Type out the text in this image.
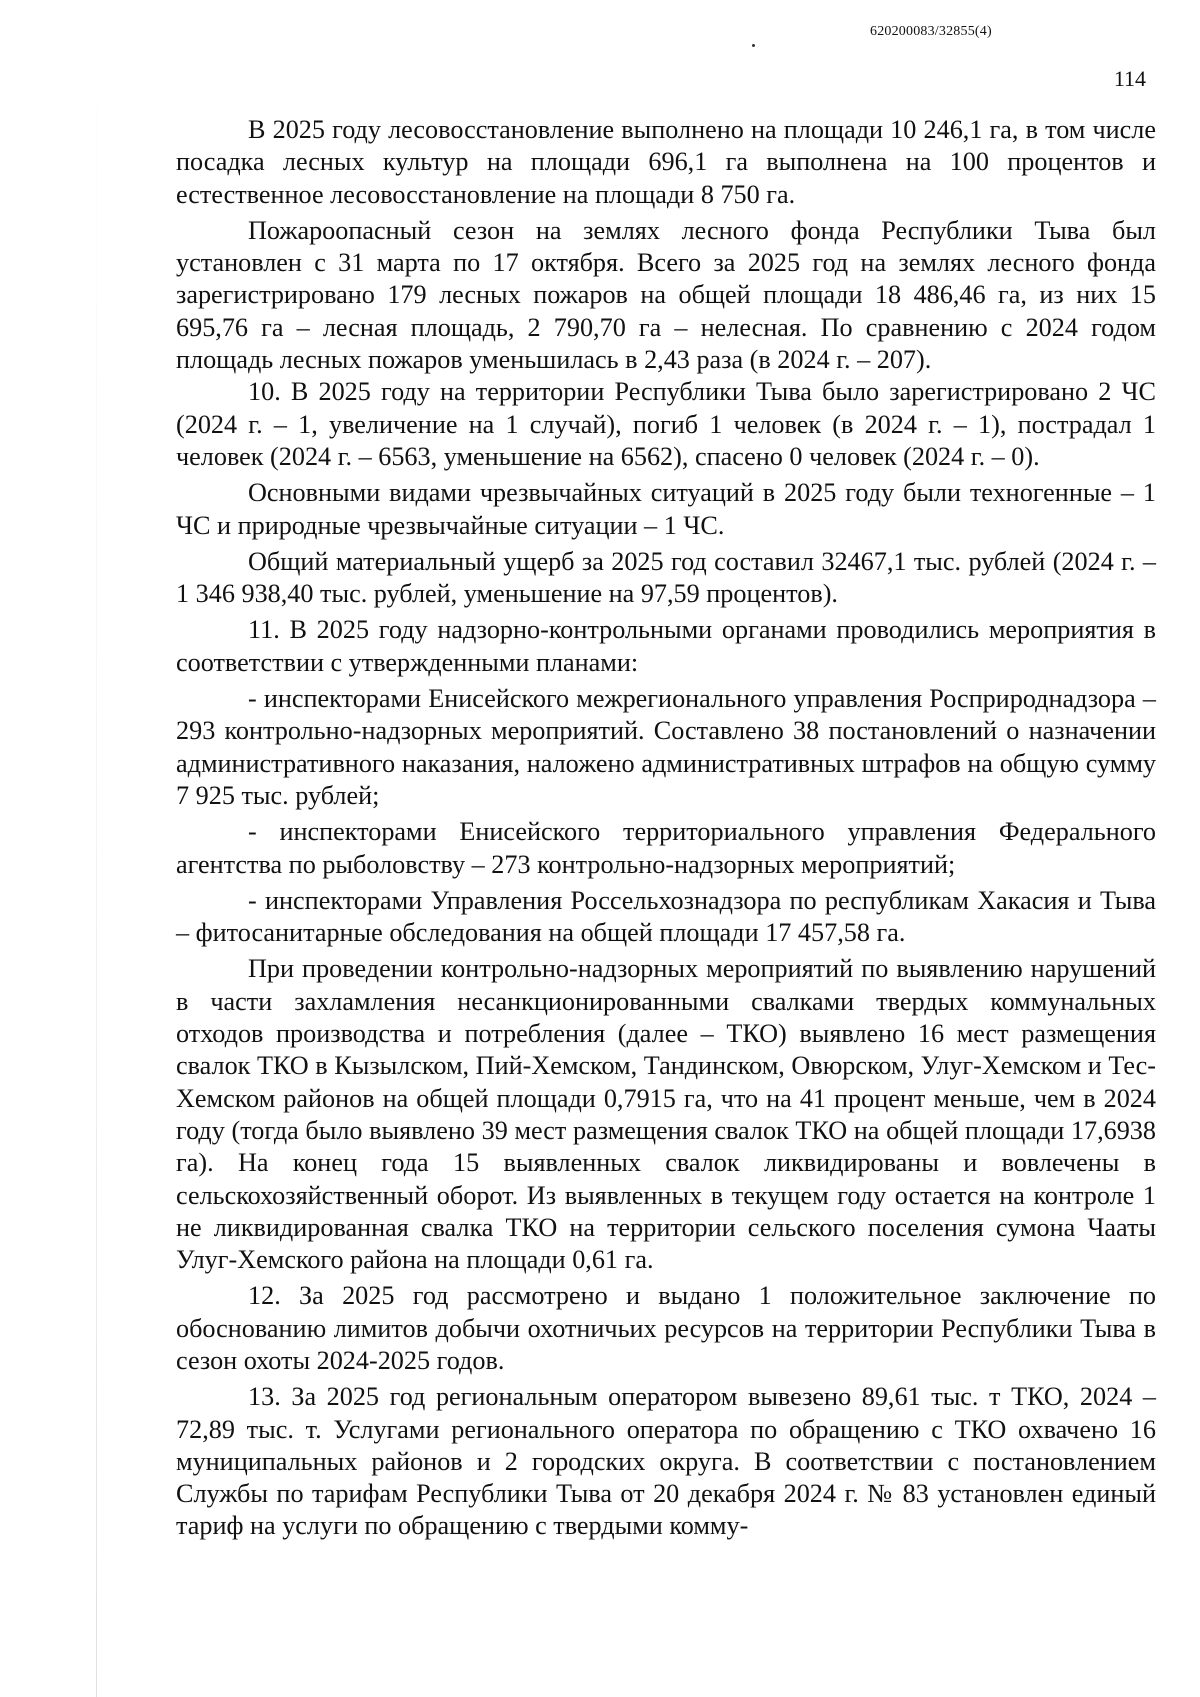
620200083/32855(4)
114

В 2025 году лесовосстановление выполнено на площади 10 246,1 га, в том числе посадка лесных культур на площади 696,1 га выполнена на 100 процентов и естественное лесовосстановление на площади 8 750 га.

Пожароопасный сезон на землях лесного фонда Республики Тыва был установлен с 31 марта по 17 октября. Всего за 2025 год на землях лесного фонда зарегистрировано 179 лесных пожаров на общей площади 18 486,46 га, из них 15 695,76 га – лесная площадь, 2 790,70 га – нелесная. По сравнению с 2024 годом площадь лесных пожаров уменьшилась в 2,43 раза (в 2024 г. – 207).

10. В 2025 году на территории Республики Тыва было зарегистрировано 2 ЧС (2024 г. – 1, увеличение на 1 случай), погиб 1 человек (в 2024 г. – 1), пострадал 1 человек (2024 г. – 6563, уменьшение на 6562), спасено 0 человек (2024 г. – 0).

Основными видами чрезвычайных ситуаций в 2025 году были техногенные – 1 ЧС и природные чрезвычайные ситуации – 1 ЧС.

Общий материальный ущерб за 2025 год составил 32467,1 тыс. рублей (2024 г. – 1 346 938,40 тыс. рублей, уменьшение на 97,59 процентов).

11. В 2025 году надзорно-контрольными органами проводились мероприятия в соответствии с утвержденными планами:

- инспекторами Енисейского межрегионального управления Росприроднадзора – 293 контрольно-надзорных мероприятий. Составлено 38 постановлений о назначении административного наказания, наложено административных штрафов на общую сумму 7 925 тыс. рублей;

- инспекторами Енисейского территориального управления Федерального агентства по рыболовству – 273 контрольно-надзорных мероприятий;

- инспекторами Управления Россельхознадзора по республикам Хакасия и Тыва – фитосанитарные обследования на общей площади 17 457,58 га.

При проведении контрольно-надзорных мероприятий по выявлению нарушений в части захламления несанкционированными свалками твердых коммунальных отходов производства и потребления (далее – ТКО) выявлено 16 мест размещения свалок ТКО в Кызылском, Пий-Хемском, Тандинском, Овюрском, Улуг-Хемском и Тес-Хемском районов на общей площади 0,7915 га, что на 41 процент меньше, чем в 2024 году (тогда было выявлено 39 мест размещения свалок ТКО на общей площади 17,6938 га). На конец года 15 выявленных свалок ликвидированы и вовлечены в сельскохозяйственный оборот. Из выявленных в текущем году остается на контроле 1 не ликвидированная свалка ТКО на территории сельского поселения сумона Чааты Улуг-Хемского района на площади 0,61 га.

12. За 2025 год рассмотрено и выдано 1 положительное заключение по обоснованию лимитов добычи охотничьих ресурсов на территории Республики Тыва в сезон охоты 2024-2025 годов.

13. За 2025 год региональным оператором вывезено 89,61 тыс. т ТКО, 2024 – 72,89 тыс. т. Услугами регионального оператора по обращению с ТКО охвачено 16 муниципальных районов и 2 городских округа. В соответствии с постановлением Службы по тарифам Республики Тыва от 20 декабря 2024 г. № 83 установлен единый тариф на услуги по обращению с твердыми комму-
